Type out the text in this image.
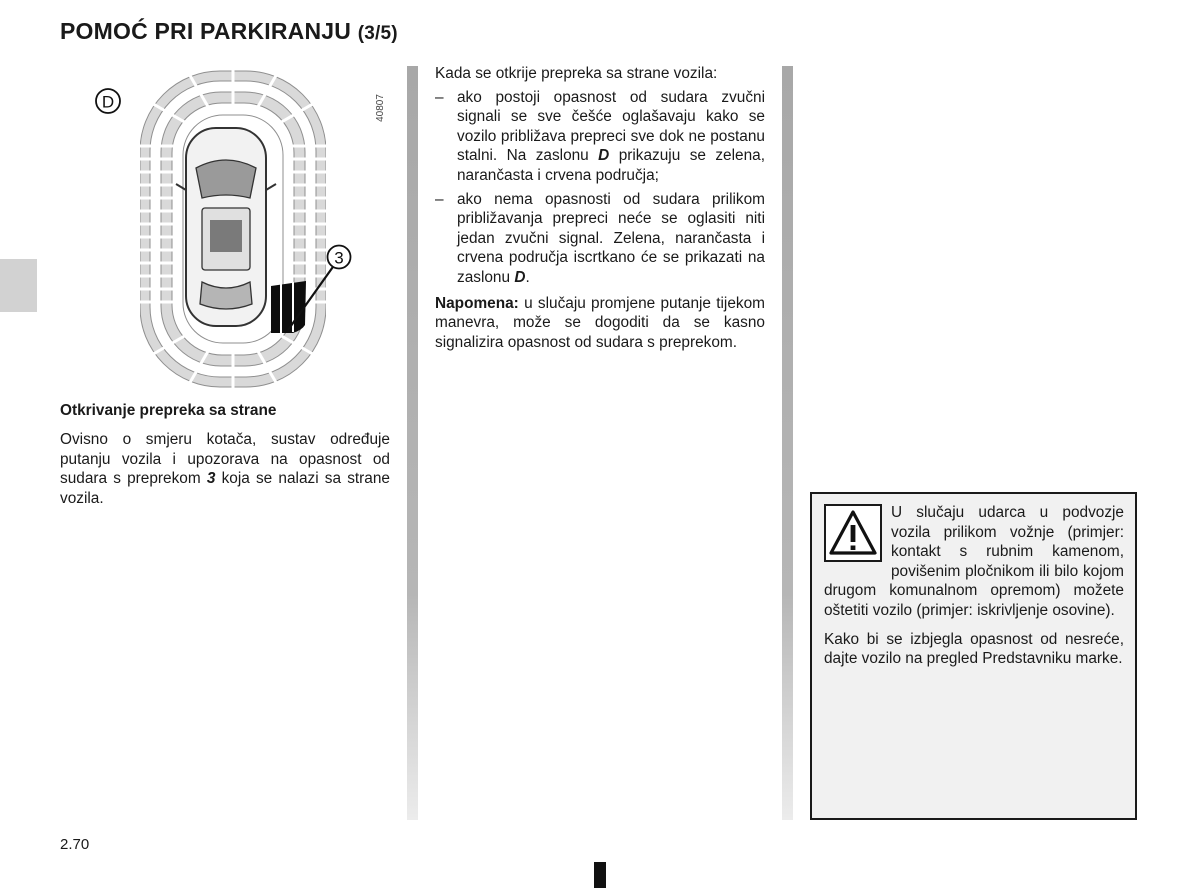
POMOĆ PRI PARKIRANJU (3/5)
3
D	40807
Otkrivanje prepreka sa strane

Ovisno o smjeru kotača, sustav određuje putanju vozila i upozorava na opasnost od sudara s preprekom 3 koja se nalazi sa strane vozila.

Kada se otkrije prepreka sa strane vozila:

– ako postoji opasnost od sudara zvučni signali se sve češće oglašavaju kako se vozilo približava prepreci sve dok ne postanu stalni. Na zaslonu D prikazuju se zelena, narančasta i crvena područja;
– ako nema opasnosti od sudara prilikom približavanja prepreci neće se oglasiti niti jedan zvučni signal. Zelena, narančasta i crvena područja iscrtkano će se prikazati na zaslonu D.

Napomena: u slučaju promjene putanje tijekom manevra, može se dogoditi da se kasno signalizira opasnost od sudara s preprekom.

U slučaju udarca u podvozje vozila prilikom vožnje (primjer: kontakt s rubnim kamenom, povišenim pločnikom ili bilo kojom drugom komunalnom opremom) možete oštetiti vozilo (primjer: iskrivljenje osovine).

Kako bi se izbjegla opasnost od nesreće, dajte vozilo na pregled Predstavniku marke.

2.70
